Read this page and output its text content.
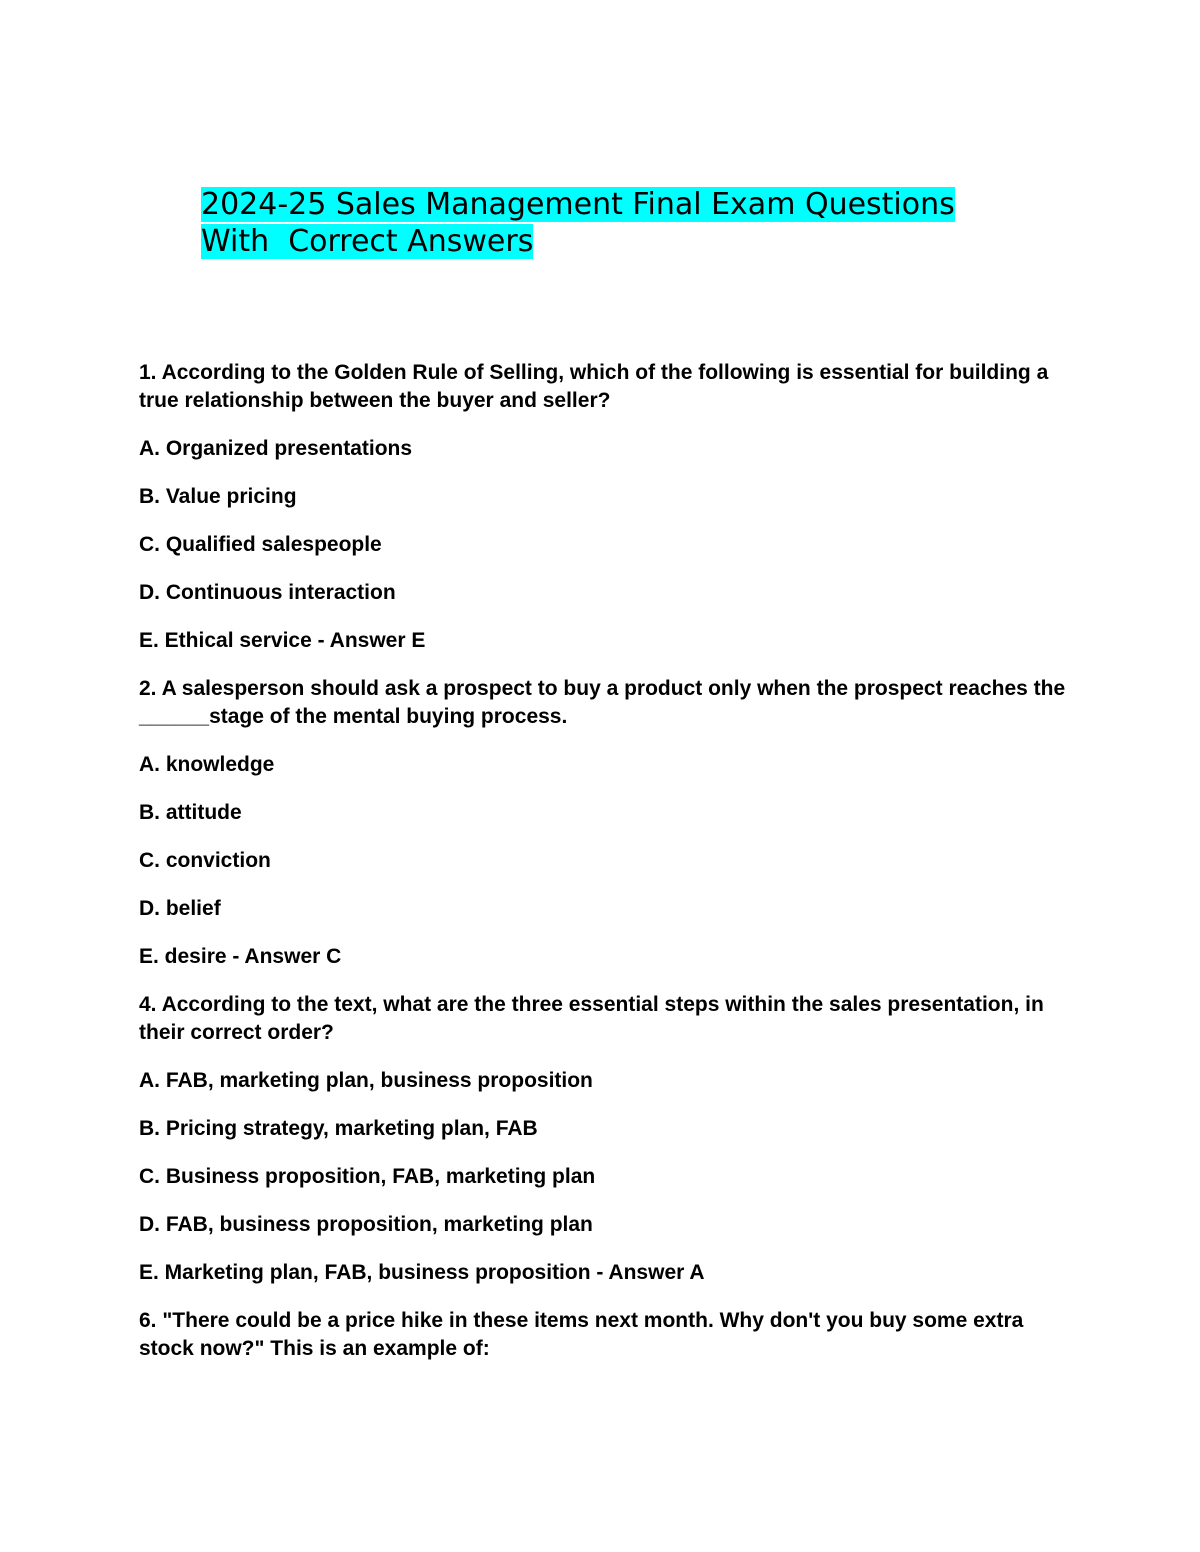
2024-25 Sales Management Final Exam Questions
With  Correct Answers

1. According to the Golden Rule of Selling, which of the following is essential for building a true relationship between the buyer and seller?

A. Organized presentations

B. Value pricing

C. Qualified salespeople

D. Continuous interaction

E. Ethical service - Answer E

2. A salesperson should ask a prospect to buy a product only when the prospect reaches the ______stage of the mental buying process.

A. knowledge

B. attitude

C. conviction

D. belief

E. desire - Answer C

4. According to the text, what are the three essential steps within the sales presentation, in their correct order?

A. FAB, marketing plan, business proposition

B. Pricing strategy, marketing plan, FAB

C. Business proposition, FAB, marketing plan

D. FAB, business proposition, marketing plan

E. Marketing plan, FAB, business proposition - Answer A

6. "There could be a price hike in these items next month. Why don't you buy some extra stock now?" This is an example of:
